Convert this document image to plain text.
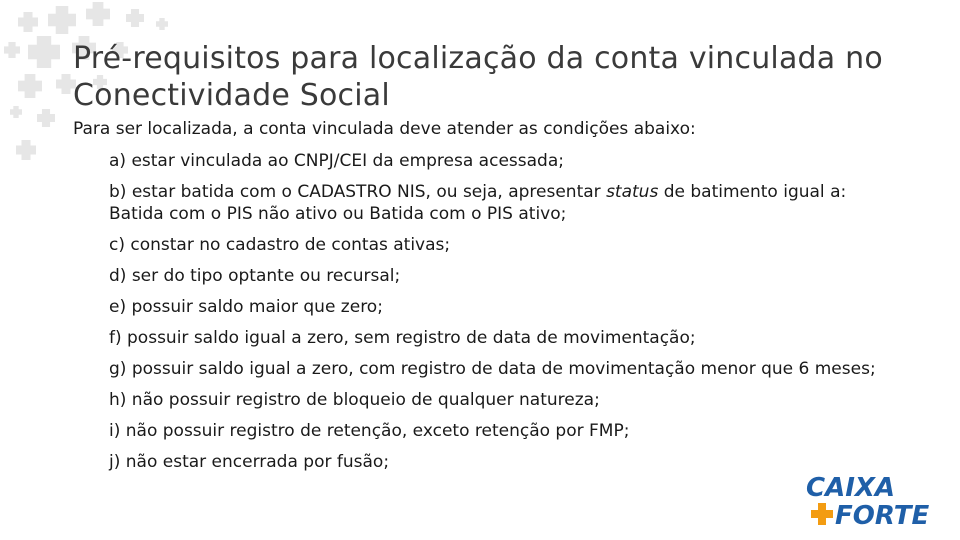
Pré-requisitos para localização da conta vinculada no Conectividade Social
Para ser localizada, a conta vinculada deve atender as condições abaixo:
a) estar vinculada ao CNPJ/CEI da empresa acessada;
b) estar batida com o CADASTRO NIS, ou seja, apresentar status de batimento igual a: Batida com o PIS não ativo ou Batida com o PIS ativo;
c) constar no cadastro de contas ativas;
d) ser do tipo optante ou recursal;
e) possuir saldo maior que zero;
f) possuir saldo igual a zero, sem registro de data de movimentação;
g) possuir saldo igual a zero, com registro de data de movimentação menor que 6 meses;
h) não possuir registro de bloqueio de qualquer natureza;
i) não possuir registro de retenção, exceto retenção por FMP;
j) não estar encerrada por fusão;
CAIXA
FORTE
